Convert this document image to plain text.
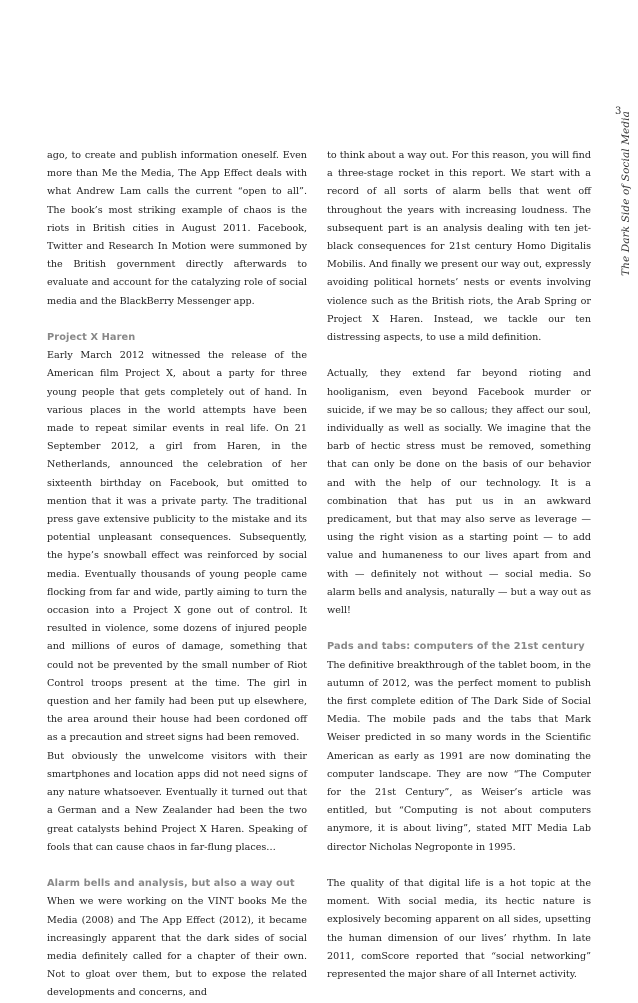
3
The Dark Side of Social Media

ago, to create and publish information oneself. Even more than Me the Media, The App Effect deals with what Andrew Lam calls the current “open to all”. The book’s most striking example of chaos is the riots in British cities in August 2011. Facebook, Twitter and Research In Motion were summoned by the British government directly afterwards to evaluate and account for the catalyzing role of social media and the BlackBerry Messenger app.

Project X Haren

Early March 2012 witnessed the release of the American film Project X, about a party for three young people that gets completely out of hand. In various places in the world attempts have been made to repeat similar events in real life. On 21 September 2012, a girl from Haren, in the Netherlands, announced the celebration of her sixteenth birthday on Facebook, but omitted to mention that it was a private party. The traditional press gave extensive publicity to the mistake and its potential unpleasant consequences. Subsequently, the hype’s snowball effect was reinforced by social media. Eventually thousands of young people came flocking from far and wide, partly aiming to turn the occasion into a Project X gone out of control. It resulted in violence, some dozens of injured people and millions of euros of damage, something that could not be prevented by the small number of Riot Control troops present at the time. The girl in question and her family had been put up elsewhere, the area around their house had been cordoned off as a precaution and street signs had been removed.

But obviously the unwelcome visitors with their smartphones and location apps did not need signs of any nature whatsoever. Eventually it turned out that a German and a New Zealander had been the two great catalysts behind Project X Haren. Speaking of fools that can cause chaos in far-flung places…

Alarm bells and analysis, but also a way out

When we were working on the VINT books Me the Media (2008) and The App Effect (2012), it became increasingly apparent that the dark sides of social media definitely called for a chapter of their own. Not to gloat over them, but to expose the related developments and concerns, and

to think about a way out. For this reason, you will find a three-stage rocket in this report. We start with a record of all sorts of alarm bells that went off throughout the years with increasing loudness. The subsequent part is an analysis dealing with ten jet-black consequences for 21st century Homo Digitalis Mobilis. And finally we present our way out, expressly avoiding political hornets’ nests or events involving violence such as the British riots, the Arab Spring or Project X Haren. Instead, we tackle our ten distressing aspects, to use a mild definition.

Actually, they extend far beyond rioting and hooliganism, even beyond Facebook murder or suicide, if we may be so callous; they affect our soul, individually as well as socially. We imagine that the barb of hectic stress must be removed, something that can only be done on the basis of our behavior and with the help of our technology. It is a combination that has put us in an awkward predicament, but that may also serve as leverage — using the right vision as a starting point — to add value and humaneness to our lives apart from and with — definitely not without — social media. So alarm bells and analysis, naturally — but a way out as well!

Pads and tabs: computers of the 21st century

The definitive breakthrough of the tablet boom, in the autumn of 2012, was the perfect moment to publish the first complete edition of The Dark Side of Social Media. The mobile pads and the tabs that Mark Weiser predicted in so many words in the Scientific American as early as 1991 are now dominating the computer landscape. They are now “The Computer for the 21st Century”, as Weiser’s article was entitled, but “Computing is not about computers anymore, it is about living”, stated MIT Media Lab director Nicholas Negroponte in 1995.

The quality of that digital life is a hot topic at the moment. With social media, its hectic nature is explosively becoming apparent on all sides, upsetting the human dimension of our lives’ rhythm. In late 2011, comScore reported that “social networking” represented the major share of all Internet activity.
